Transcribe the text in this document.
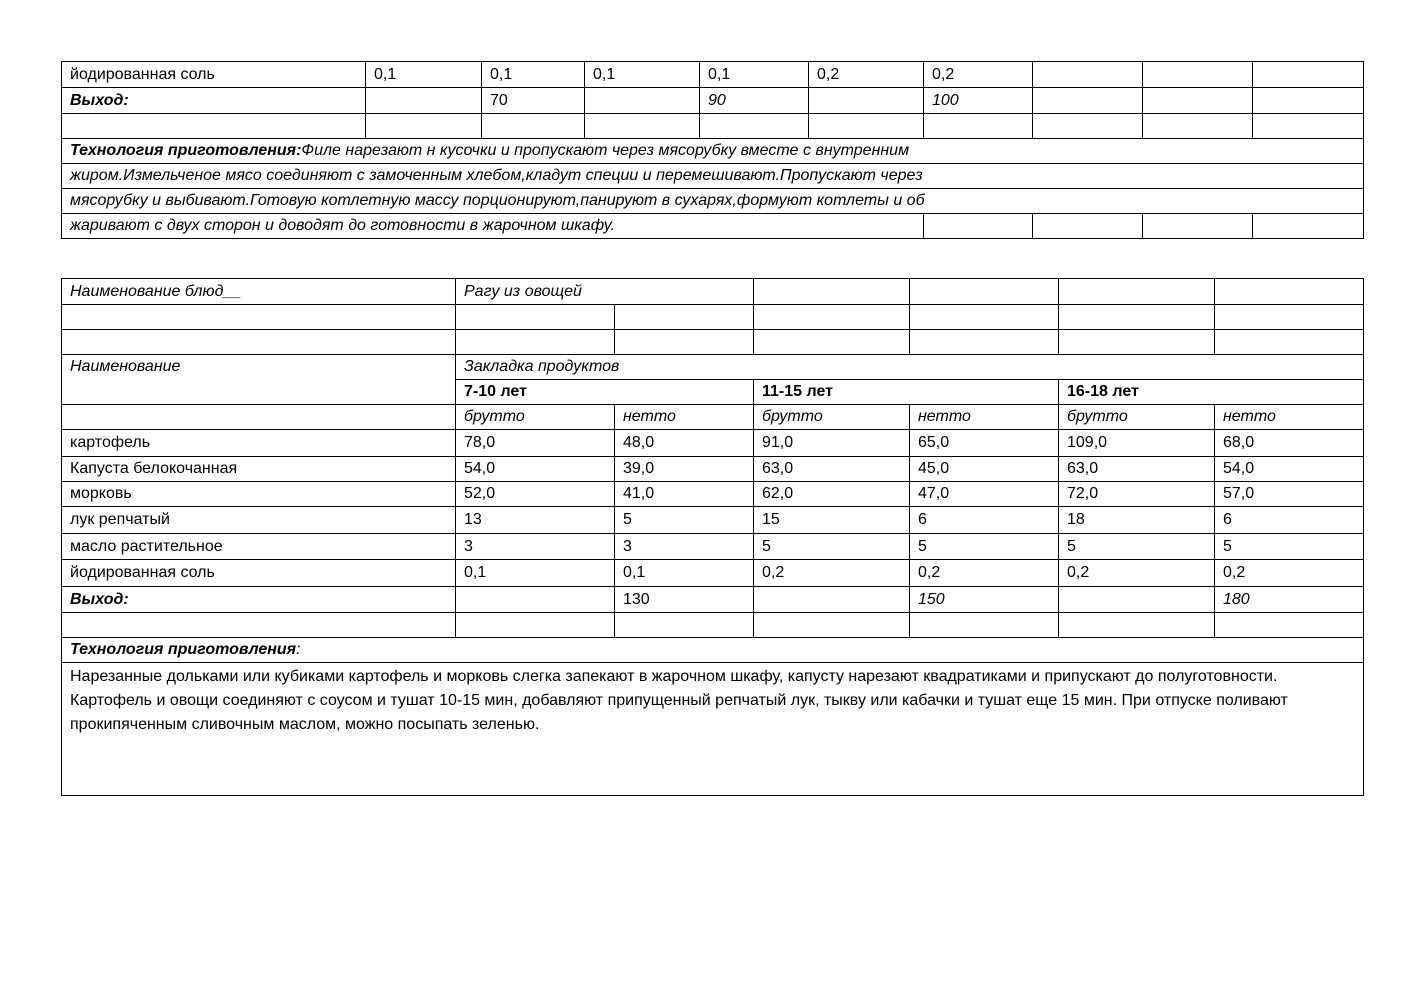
йодированная соль	0,1	0,1	0,1	0,1	0,2	0,2			
Выход:		70		90		100			

Технология приготовления:Филе нарезают н кусочки и пропускают через мясорубку вместе с внутренним									
жиром.Измельченое мясо соединяют с замоченным хлебом,кладут специи и перемешивают.Пропускают через									
мясорубку и выбивают.Готовую котлетную массу порционируют,панируют в сухарях,формуют котлеты и об									
жаривают с двух сторон и доводят до готовности в жарочном шкафу.									
Наименование блюд__	Рагу из овощей					

Наименование	Закладка продуктов					
	7-10 лет		11-15 лет		16-18 лет	
	брутто	нетто	брутто	нетто	брутто	нетто
картофель	78,0	48,0	91,0	65,0	109,0	68,0
Капуста белокочанная	54,0	39,0	63,0	45,0	63,0	54,0
морковь	52,0	41,0	62,0	47,0	72,0	57,0
лук репчатый	13	5	15	6	18	6
масло растительное	3	3	5	5	5	5
йодированная соль	0,1	0,1	0,2	0,2	0,2	0,2
Выход:		130		150		180

Технология приготовления:						
Нарезанные дольками или кубиками картофель и морковь слегка запекают в жарочном шкафу, капусту нарезают квадратиками и припускают до полуготовности. Картофель и овощи соединяют с соусом и тушат 10-15 мин, добавляют припущенный репчатый лук, тыкву или кабачки и тушат еще 15 мин. При отпуске поливают прокипяченным сливочным маслом, можно посыпать зеленью.						
